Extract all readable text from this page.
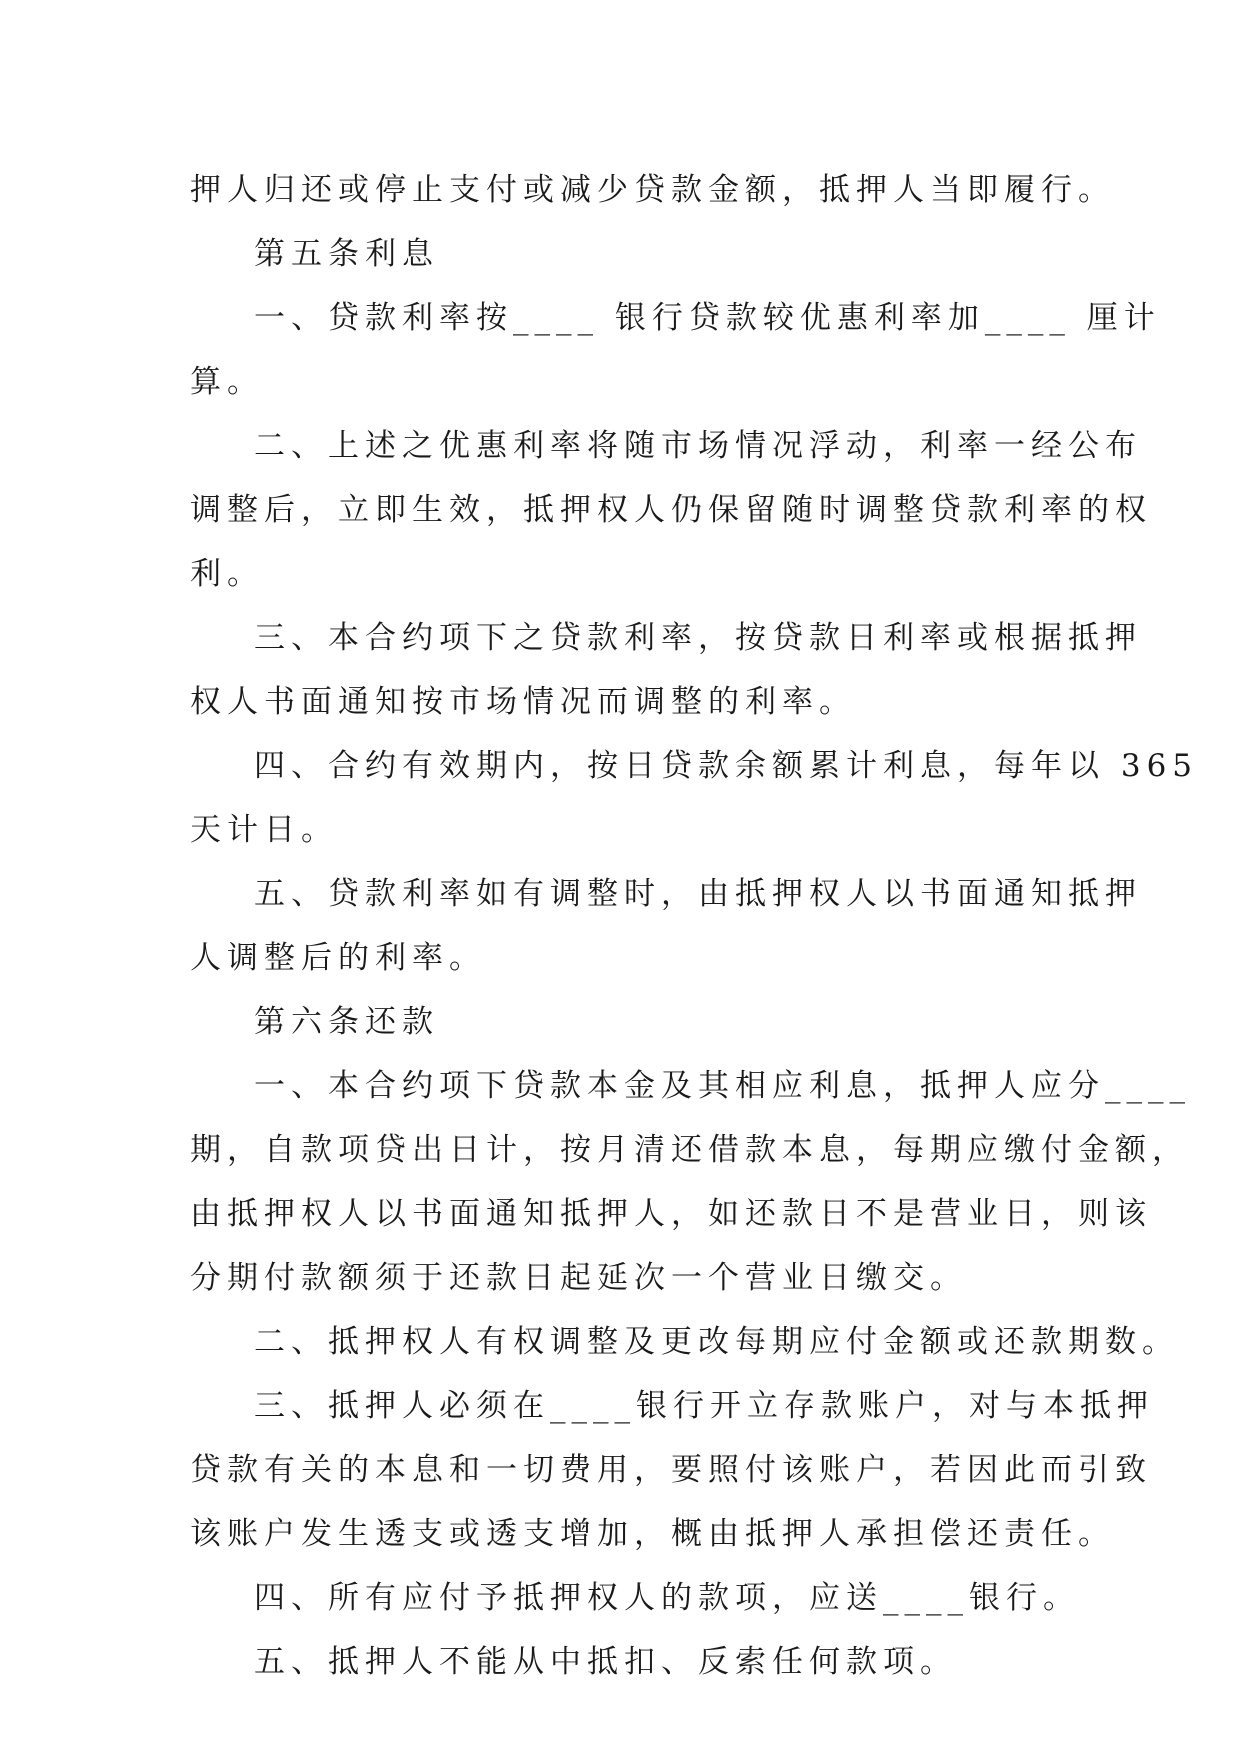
押人归还或停止支付或减少贷款金额，抵押人当即履行。

第五条利息

一、贷款利率按____ 银行贷款较优惠利率加____ 厘计

算。

二、上述之优惠利率将随市场情况浮动，利率一经公布

调整后，立即生效，抵押权人仍保留随时调整贷款利率的权

利。

三、本合约项下之贷款利率，按贷款日利率或根据抵押

权人书面通知按市场情况而调整的利率。

四、合约有效期内，按日贷款余额累计利息，每年以 365

天计日。

五、贷款利率如有调整时，由抵押权人以书面通知抵押

人调整后的利率。

第六条还款

一、本合约项下贷款本金及其相应利息，抵押人应分____

期，自款项贷出日计，按月清还借款本息，每期应缴付金额，

由抵押权人以书面通知抵押人，如还款日不是营业日，则该

分期付款额须于还款日起延次一个营业日缴交。

二、抵押权人有权调整及更改每期应付金额或还款期数。

三、抵押人必须在____银行开立存款账户，对与本抵押

贷款有关的本息和一切费用，要照付该账户，若因此而引致

该账户发生透支或透支增加，概由抵押人承担偿还责任。

四、所有应付予抵押权人的款项，应送____银行。

五、抵押人不能从中抵扣、反索任何款项。
